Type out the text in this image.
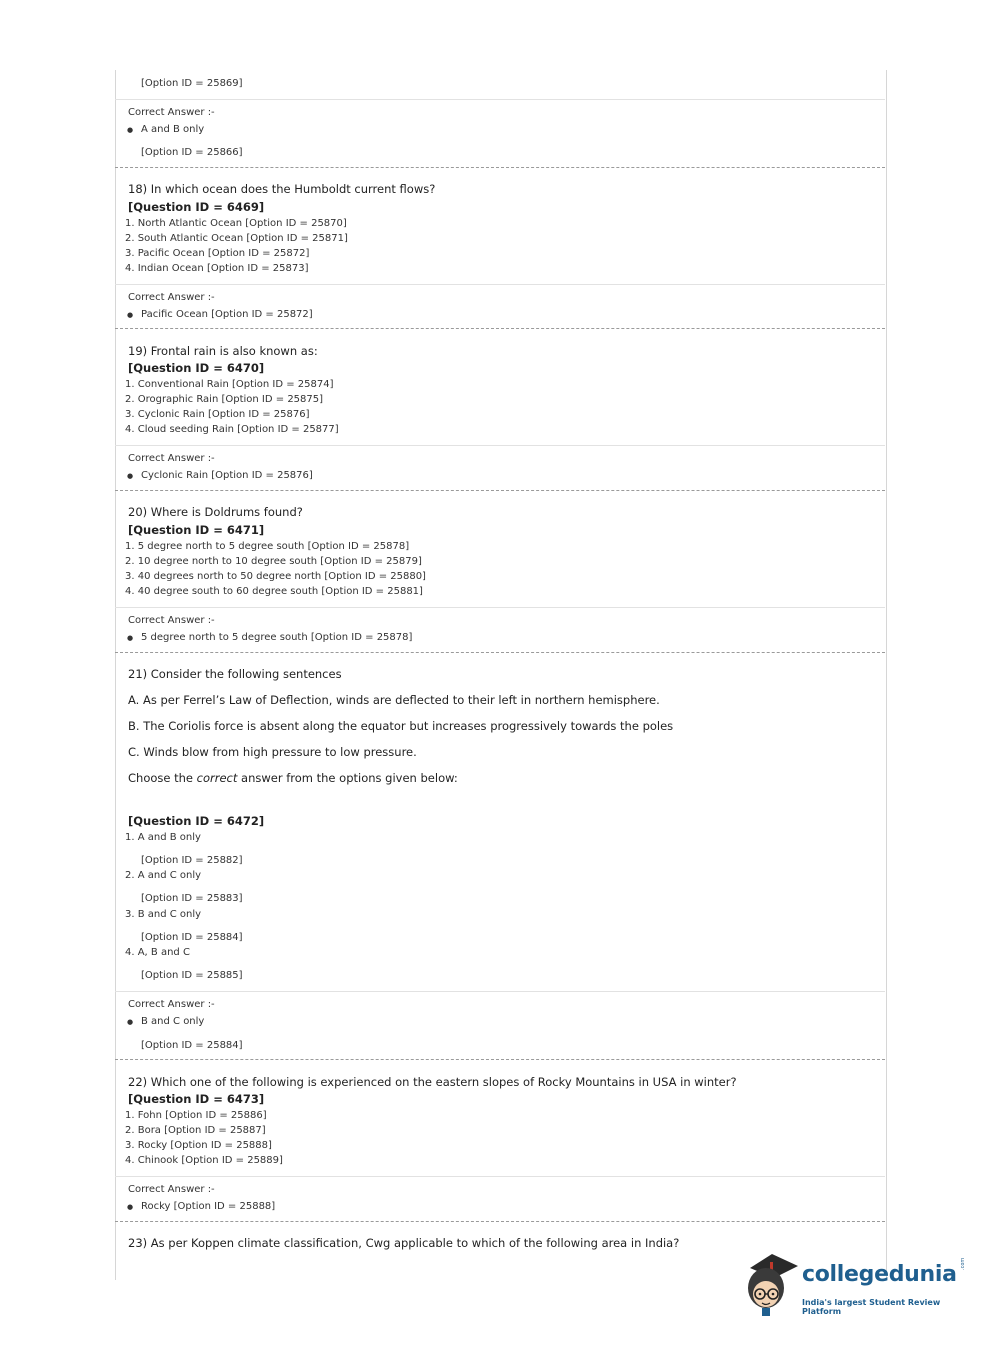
[Option ID = 25869]
Correct Answer :-
● A and B only
[Option ID = 25866]
18) In which ocean does the Humboldt current flows?
[Question ID = 6469]
1. North Atlantic Ocean [Option ID = 25870]
2. South Atlantic Ocean [Option ID = 25871]
3. Pacific Ocean [Option ID = 25872]
4. Indian Ocean [Option ID = 25873]
Correct Answer :-
● Pacific Ocean [Option ID = 25872]
19) Frontal rain is also known as:
[Question ID = 6470]
1. Conventional Rain [Option ID = 25874]
2. Orographic Rain [Option ID = 25875]
3. Cyclonic Rain [Option ID = 25876]
4. Cloud seeding Rain [Option ID = 25877]
Correct Answer :-
● Cyclonic Rain [Option ID = 25876]
20) Where is Doldrums found?
[Question ID = 6471]
1. 5 degree north to 5 degree south [Option ID = 25878]
2. 10 degree north to 10 degree south [Option ID = 25879]
3. 40 degrees north to 50 degree north [Option ID = 25880]
4. 40 degree south to 60 degree south [Option ID = 25881]
Correct Answer :-
● 5 degree north to 5 degree south [Option ID = 25878]
21) Consider the following sentences
A. As per Ferrel’s Law of Deflection, winds are deflected to their left in northern hemisphere.
B. The Coriolis force is absent along the equator but increases progressively towards the poles
C. Winds blow from high pressure to low pressure.
Choose the correct answer from the options given below:
[Question ID = 6472]
1. A and B only
[Option ID = 25882]
2. A and C only
[Option ID = 25883]
3. B and C only
[Option ID = 25884]
4. A, B and C
[Option ID = 25885]
Correct Answer :-
● B and C only
[Option ID = 25884]
22) Which one of the following is experienced on the eastern slopes of Rocky Mountains in USA in winter?
[Question ID = 6473]
1. Fohn [Option ID = 25886]
2. Bora [Option ID = 25887]
3. Rocky [Option ID = 25888]
4. Chinook [Option ID = 25889]
Correct Answer :-
● Rocky [Option ID = 25888]
23) As per Koppen climate classification, Cwg applicable to which of the following area in India?
collegedunia .com
India's largest Student Review Platform
